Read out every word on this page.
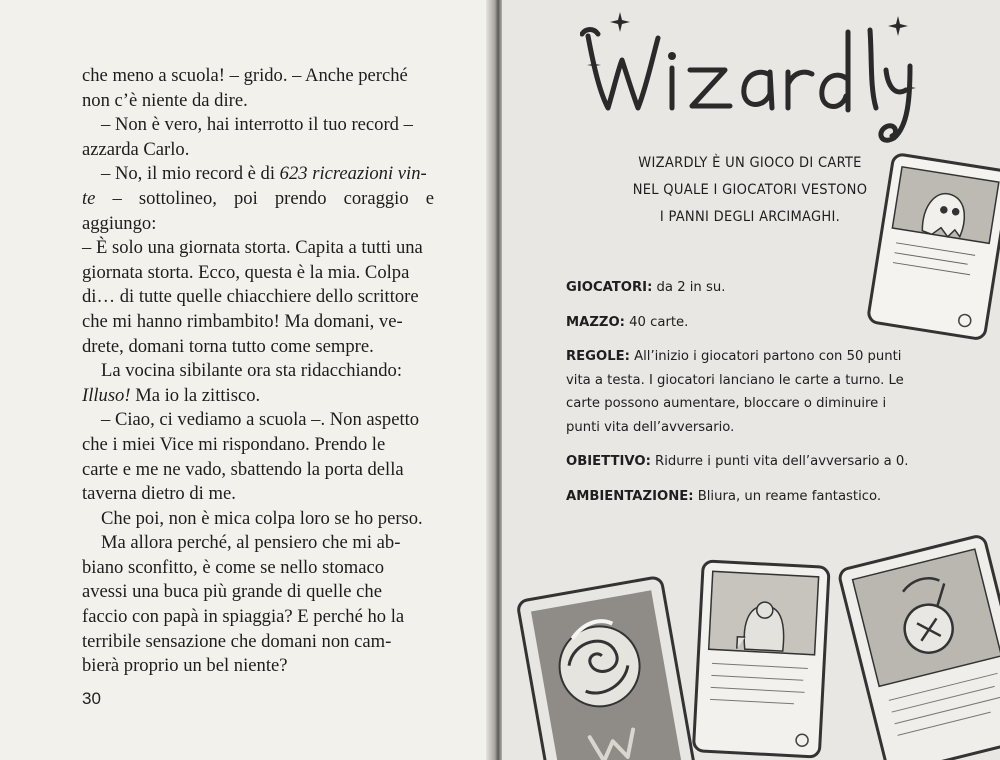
che meno a scuola! – grido. – Anche perché
non c’è niente da dire.

– Non è vero, hai interrotto il tuo record –
azzarda Carlo.

– No, il mio record è di 623 ricreazioni vin-
te – sottolineo, poi prendo coraggio e aggiungo:
– È solo una giornata storta. Capita a tutti una
giornata storta. Ecco, questa è la mia. Colpa
di… di tutte quelle chiacchiere dello scrittore
che mi hanno rimbambito! Ma domani, ve-
drete, domani torna tutto come sempre.

La vocina sibilante ora sta ridacchiando:
Illuso! Ma io la zittisco.

– Ciao, ci vediamo a scuola –. Non aspetto
che i miei Vice mi rispondano. Prendo le
carte e me ne vado, sbattendo la porta della
taverna dietro di me.

Che poi, non è mica colpa loro se ho perso.

Ma allora perché, al pensiero che mi ab-
biano sconfitto, è come se nello stomaco
avessi una buca più grande di quelle che
faccio con papà in spiaggia? E perché ho la
terribile sensazione che domani non cam-
bierà proprio un bel niente?

30
WIZARDLY È UN GIOCO DI CARTE
NEL QUALE I GIOCATORI VESTONO
I PANNI DEGLI ARCIMAGHI.
GIOCATORI: da 2 in su.
MAZZO: 40 carte.
REGOLE: All’inizio i giocatori partono con 50 punti vita a testa. I giocatori lanciano le carte a turno. Le carte possono aumentare, bloccare o diminuire i punti vita dell’avversario.
OBIETTIVO: Ridurre i punti vita dell’avversario a 0.
AMBIENTAZIONE: Bliura, un reame fantastico.
